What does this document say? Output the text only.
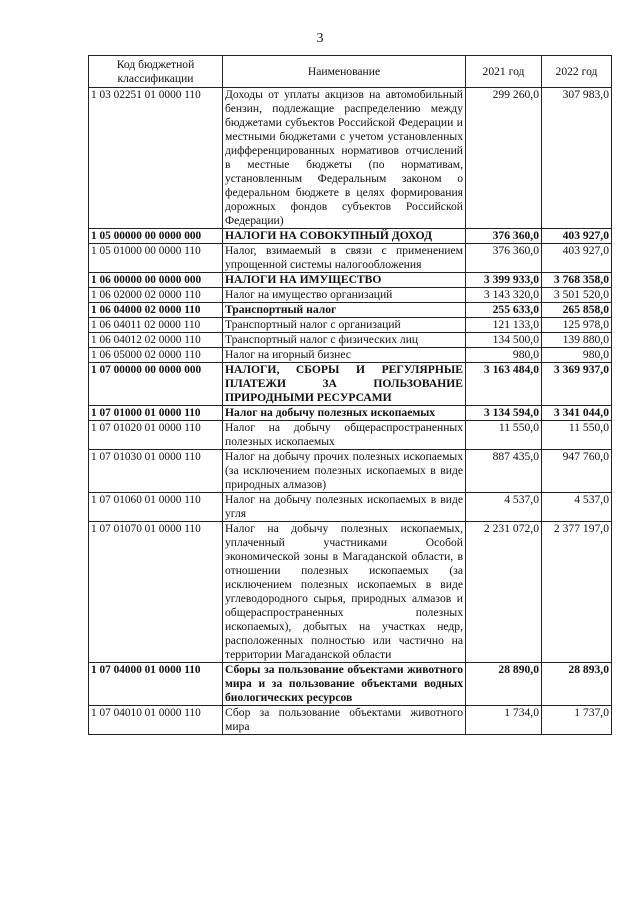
3
Код бюджетной классификации	Наименование	2021 год	2022 год
1 03 02251 01 0000 110	Доходы от уплаты акцизов на автомобильный бензин, подлежащие распределению между бюджетами субъектов Российской Федерации и местными бюджетами с учетом установленных дифференцированных нормативов отчислений в местные бюджеты (по нормативам, установленным Федеральным законом о федеральном бюджете в целях формирования дорожных фондов субъектов Российской Федерации)	299 260,0	307 983,0
1 05 00000 00 0000 000	НАЛОГИ НА СОВОКУПНЫЙ ДОХОД	376 360,0	403 927,0
1 05 01000 00 0000 110	Налог, взимаемый в связи с применением упрощенной системы налогообложения	376 360,0	403 927,0
1 06 00000 00 0000 000	НАЛОГИ НА ИМУЩЕСТВО	3 399 933,0	3 768 358,0
1 06 02000 02 0000 110	Налог на имущество организаций	3 143 320,0	3 501 520,0
1 06 04000 02 0000 110	Транспортный налог	255 633,0	265 858,0
1 06 04011 02 0000 110	Транспортный налог с организаций	121 133,0	125 978,0
1 06 04012 02 0000 110	Транспортный налог с физических лиц	134 500,0	139 880,0
1 06 05000 02 0000 110	Налог на игорный бизнес	980,0	980,0
1 07 00000 00 0000 000	НАЛОГИ, СБОРЫ И РЕГУЛЯРНЫЕ ПЛАТЕЖИ ЗА ПОЛЬЗОВАНИЕ ПРИРОДНЫМИ РЕСУРСАМИ	3 163 484,0	3 369 937,0
1 07 01000 01 0000 110	Налог на добычу полезных ископаемых	3 134 594,0	3 341 044,0
1 07 01020 01 0000 110	Налог на добычу общераспространенных полезных ископаемых	11 550,0	11 550,0
1 07 01030 01 0000 110	Налог на добычу прочих полезных ископаемых (за исключением полезных ископаемых в виде природных алмазов)	887 435,0	947 760,0
1 07 01060 01 0000 110	Налог на добычу полезных ископаемых в виде угля	4 537,0	4 537,0
1 07 01070 01 0000 110	Налог на добычу полезных ископаемых, уплаченный участниками Особой экономической зоны в Магаданской области, в отношении полезных ископаемых (за исключением полезных ископаемых в виде углеводородного сырья, природных алмазов и общераспространенных полезных ископаемых), добытых на участках недр, расположенных полностью или частично на территории Магаданской области	2 231 072,0	2 377 197,0
1 07 04000 01 0000 110	Сборы за пользование объектами животного мира и за пользование объектами водных биологических ресурсов	28 890,0	28 893,0
1 07 04010 01 0000 110	Сбор за пользование объектами животного мира	1 734,0	1 737,0
